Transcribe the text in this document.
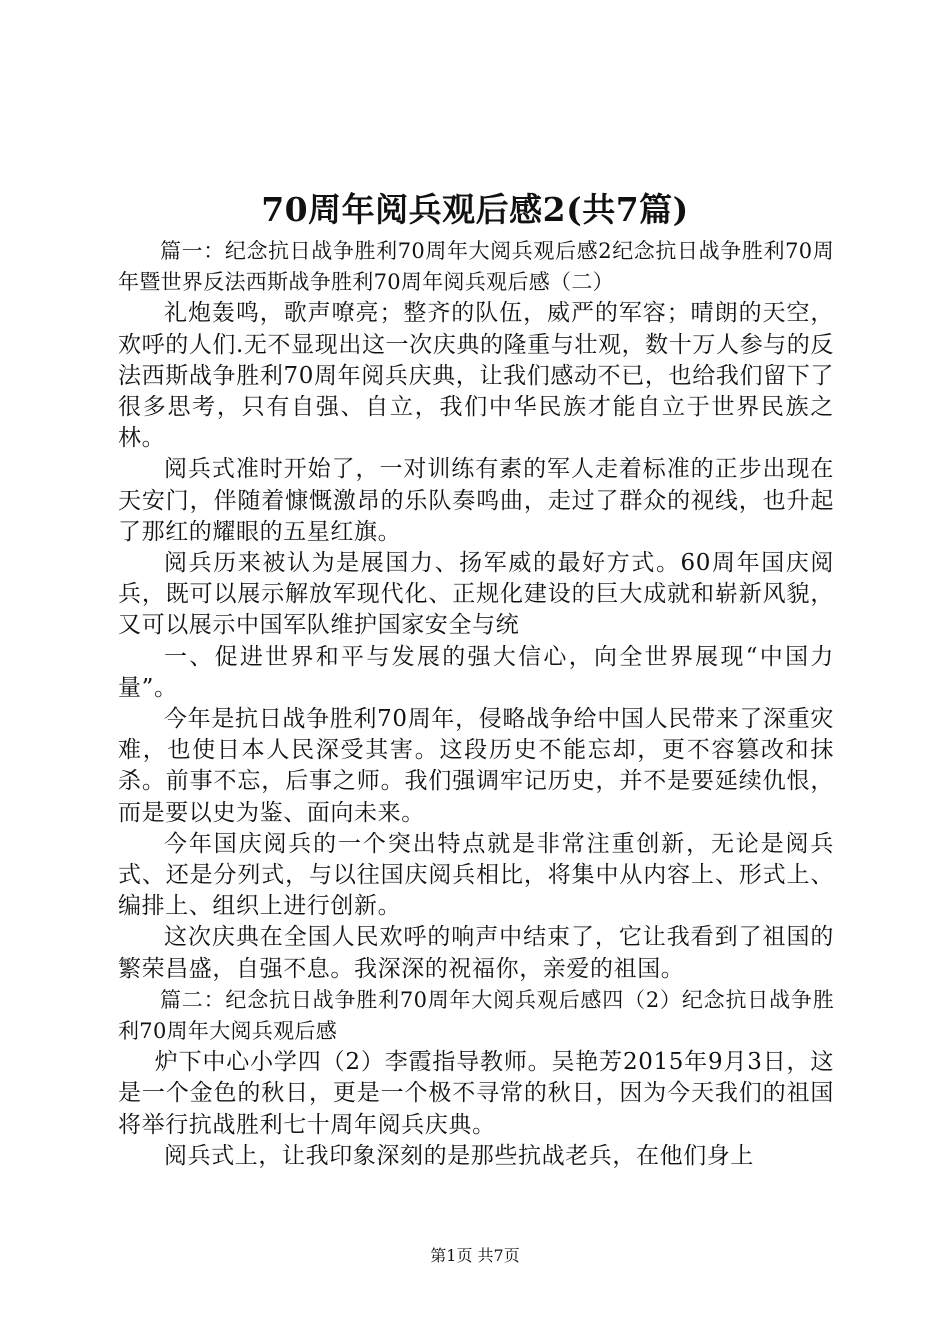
70周年阅兵观后感2(共7篇)

篇一：纪念抗日战争胜利70周年大阅兵观后感2纪念抗日战争胜利70周年暨世界反法西斯战争胜利70周年阅兵观后感（二）

礼炮轰鸣，歌声嘹亮；整齐的队伍，威严的军容；晴朗的天空，欢呼的人们.无不显现出这一次庆典的隆重与壮观，数十万人参与的反法西斯战争胜利70周年阅兵庆典，让我们感动不已，也给我们留下了很多思考，只有自强、自立，我们中华民族才能自立于世界民族之林。

阅兵式准时开始了，一对训练有素的军人走着标准的正步出现在天安门，伴随着慷慨激昂的乐队奏鸣曲，走过了群众的视线，也升起了那红的耀眼的五星红旗。

阅兵历来被认为是展国力、扬军威的最好方式。60周年国庆阅兵，既可以展示解放军现代化、正规化建设的巨大成就和崭新风貌，又可以展示中国军队维护国家安全与统

一、促进世界和平与发展的强大信心，向全世界展现“中国力量”。

今年是抗日战争胜利70周年，侵略战争给中国人民带来了深重灾难，也使日本人民深受其害。这段历史不能忘却，更不容篡改和抹杀。前事不忘，后事之师。我们强调牢记历史，并不是要延续仇恨，而是要以史为鉴、面向未来。

今年国庆阅兵的一个突出特点就是非常注重创新，无论是阅兵式、还是分列式，与以往国庆阅兵相比，将集中从内容上、形式上、编排上、组织上进行创新。

这次庆典在全国人民欢呼的响声中结束了，它让我看到了祖国的繁荣昌盛，自强不息。我深深的祝福你，亲爱的祖国。

篇二：纪念抗日战争胜利70周年大阅兵观后感四（2）纪念抗日战争胜利70周年大阅兵观后感

炉下中心小学四（2）李霞指导教师。吴艳芳2015年9月3日，这是一个金色的秋日，更是一个极不寻常的秋日，因为今天我们的祖国将举行抗战胜利七十周年阅兵庆典。

阅兵式上，让我印象深刻的是那些抗战老兵，在他们身上

第1页 共7页
